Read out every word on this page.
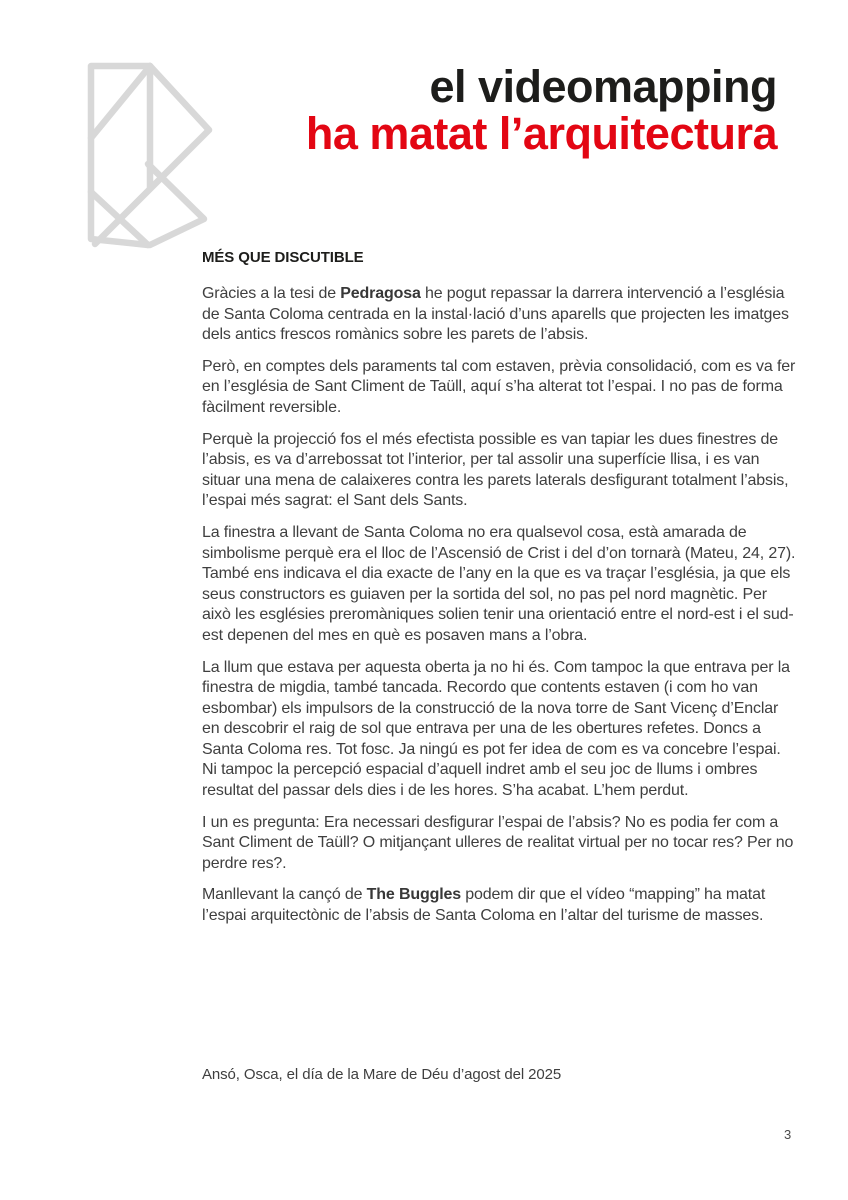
el videomapping
ha matat l’arquitectura
MÉS QUE DISCUTIBLE

Gràcies a la tesi de Pedragosa he pogut repassar la darrera intervenció a l’església de Santa Coloma centrada en la instal·lació d’uns aparells que projecten les imatges dels antics frescos romànics sobre les parets de l’absis.

Però, en comptes dels paraments tal com estaven, prèvia consolidació, com es va fer en l’església de Sant Climent de Taüll, aquí s’ha alterat tot l’espai. I no pas de forma fàcilment reversible.

Perquè la projecció fos el més efectista possible es van tapiar les dues finestres de l’absis, es va d’arrebossat tot l’interior, per tal assolir una superfície llisa, i es van situar una mena de calaixeres contra les parets laterals desfigurant totalment l’absis, l’espai més sagrat: el Sant dels Sants.

La finestra a llevant de Santa Coloma no era qualsevol cosa, està amarada de simbolisme perquè era el lloc de l’Ascensió de Crist i del d’on tornarà (Mateu, 24, 27). També ens indicava el dia exacte de l’any en la que es va traçar l’església, ja que els seus constructors es guiaven per la sortida del sol, no pas pel nord magnètic. Per això les esglésies preromàniques solien tenir una orientació entre el nord-est i el sud-est depenen del mes en què es posaven mans a l’obra.

La llum que estava per aquesta oberta ja no hi és. Com tampoc la que entrava per la finestra de migdia, també tancada. Recordo que contents estaven (i com ho van esbombar) els impulsors de la construcció de la nova torre de Sant Vicenç d’Enclar en descobrir el raig de sol que entrava per una de les obertures refetes. Doncs a Santa Coloma res. Tot fosc. Ja ningú es pot fer idea de com es va concebre l’espai. Ni tampoc la percepció espacial d’aquell indret amb el seu joc de llums i ombres resultat del passar dels dies i de les hores. S’ha acabat. L’hem perdut.

I un es pregunta: Era necessari desfigurar l’espai de l’absis? No es podia fer com a Sant Climent de Taüll? O mitjançant ulleres de realitat virtual per no tocar res? Per no perdre res?.

Manllevant la cançó de The Buggles podem dir que el vídeo “mapping” ha matat l’espai arquitectònic de l’absis de Santa Coloma en l’altar del turisme de masses.

Ansó, Osca, el día de la Mare de Déu d’agost del 2025
3
